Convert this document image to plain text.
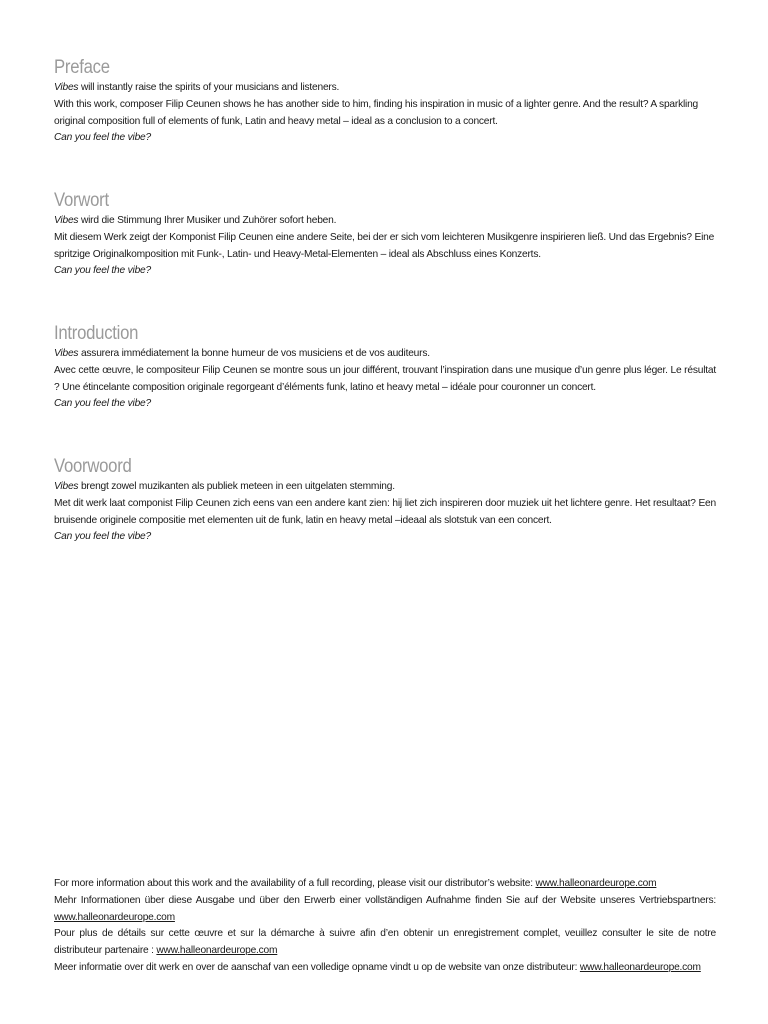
Preface

Vibes will instantly raise the spirits of your musicians and listeners.

With this work, composer Filip Ceunen shows he has another side to him, finding his inspiration in music of a lighter genre. And the result? A sparkling original composition full of elements of funk, Latin and heavy metal – ideal as a conclusion to a concert.

Can you feel the vibe?

Vorwort

Vibes wird die Stimmung Ihrer Musiker und Zuhörer sofort heben.

Mit diesem Werk zeigt der Komponist Filip Ceunen eine andere Seite, bei der er sich vom leichteren Musikgenre inspirieren ließ. Und das Ergebnis? Eine spritzige Originalkomposition mit Funk-, Latin- und Heavy-Metal-Elementen – ideal als Abschluss eines Konzerts.

Can you feel the vibe?

Introduction

Vibes assurera immédiatement la bonne humeur de vos musiciens et de vos auditeurs.

Avec cette œuvre, le compositeur Filip Ceunen se montre sous un jour différent, trouvant l’inspiration dans une musique d’un genre plus léger. Le résultat ? Une étincelante composition originale regorgeant d’éléments funk, latino et heavy metal – idéale pour couronner un concert.

Can you feel the vibe?

Voorwoord

Vibes brengt zowel muzikanten als publiek meteen in een uitgelaten stemming.

Met dit werk laat componist Filip Ceunen zich eens van een andere kant zien: hij liet zich inspireren door muziek uit het lichtere genre. Het resultaat? Een bruisende originele compositie met elementen uit de funk, latin en heavy metal –ideaal als slotstuk van een concert.

Can you feel the vibe?

For more information about this work and the availability of a full recording, please visit our distributor’s website: www.halleonardeurope.com

Mehr Informationen über diese Ausgabe und über den Erwerb einer vollständigen Aufnahme finden Sie auf der Website unseres Vertriebspartners: www.halleonardeurope.com

Pour plus de détails sur cette œuvre et sur la démarche à suivre afin d’en obtenir un enregistrement complet, veuillez consulter le site de notre distributeur partenaire : www.halleonardeurope.com

Meer informatie over dit werk en over de aanschaf van een volledige opname vindt u op de website van onze distributeur: www.halleonardeurope.com
